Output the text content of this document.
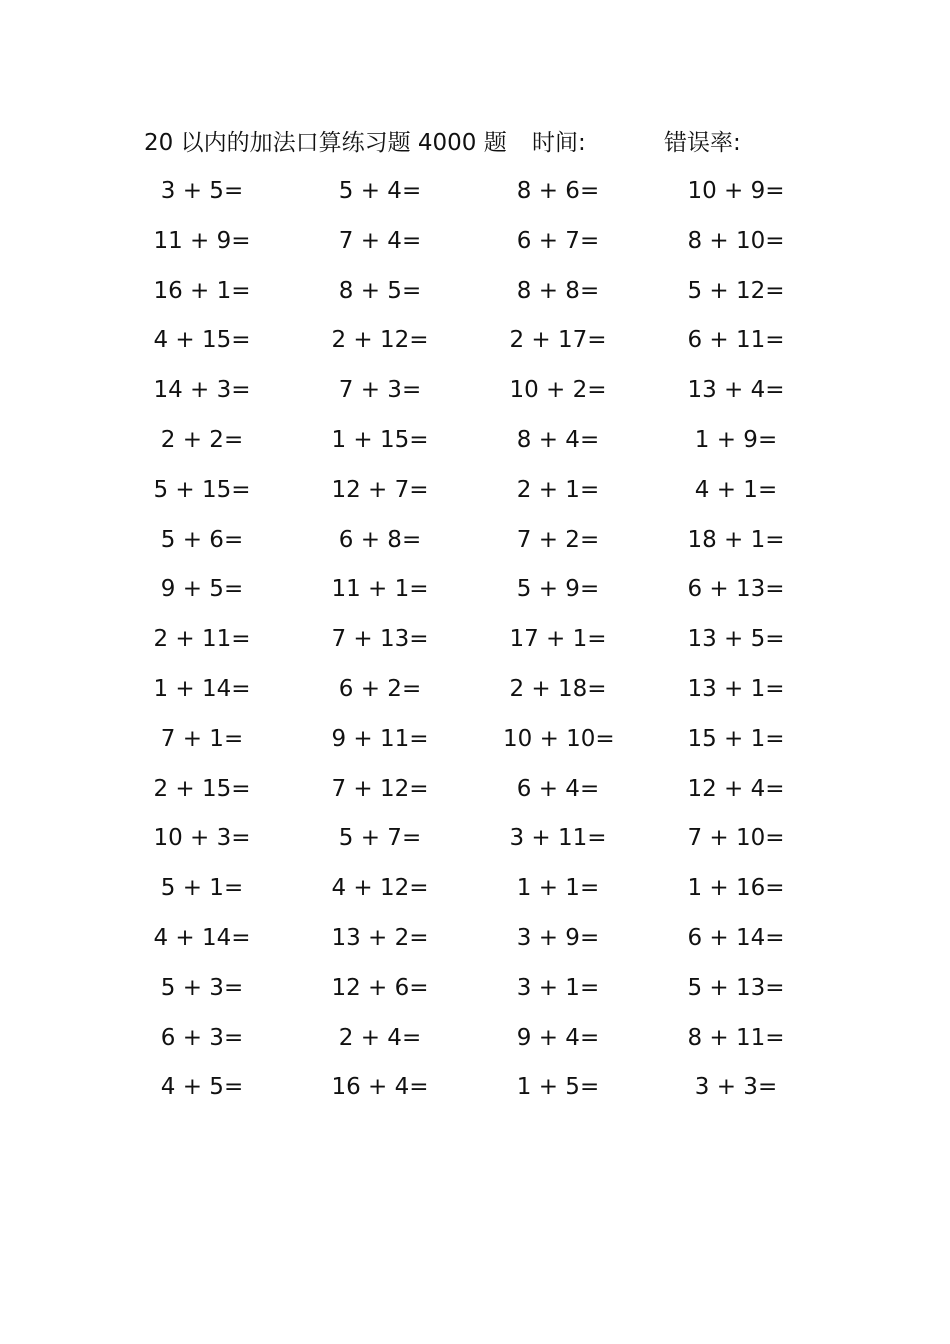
20 以内的加法口算练习题 4000 题 时间:	错误率:
3 + 5=	5 + 4=	8 + 6=	10 + 9=
11 + 9=	7 + 4=	6 + 7=	8 + 10=
16 + 1=	8 + 5=	8 + 8=	5 + 12=
4 + 15=	2 + 12=	2 + 17=	6 + 11=
14 + 3=	7 + 3=	10 + 2=	13 + 4=
2 + 2=	1 + 15=	8 + 4=	1 + 9=
5 + 15=	12 + 7=	2 + 1=	4 + 1=
5 + 6=	6 + 8=	7 + 2=	18 + 1=
9 + 5=	11 + 1=	5 + 9=	6 + 13=
2 + 11=	7 + 13=	17 + 1=	13 + 5=
1 + 14=	6 + 2=	2 + 18=	13 + 1=
7 + 1=	9 + 11=	10 + 10=	15 + 1=
2 + 15=	7 + 12=	6 + 4=	12 + 4=
10 + 3=	5 + 7=	3 + 11=	7 + 10=
5 + 1=	4 + 12=	1 + 1=	1 + 16=
4 + 14=	13 + 2=	3 + 9=	6 + 14=
5 + 3=	12 + 6=	3 + 1=	5 + 13=
6 + 3=	2 + 4=	9 + 4=	8 + 11=
4 + 5=	16 + 4=	1 + 5=	3 + 3=
